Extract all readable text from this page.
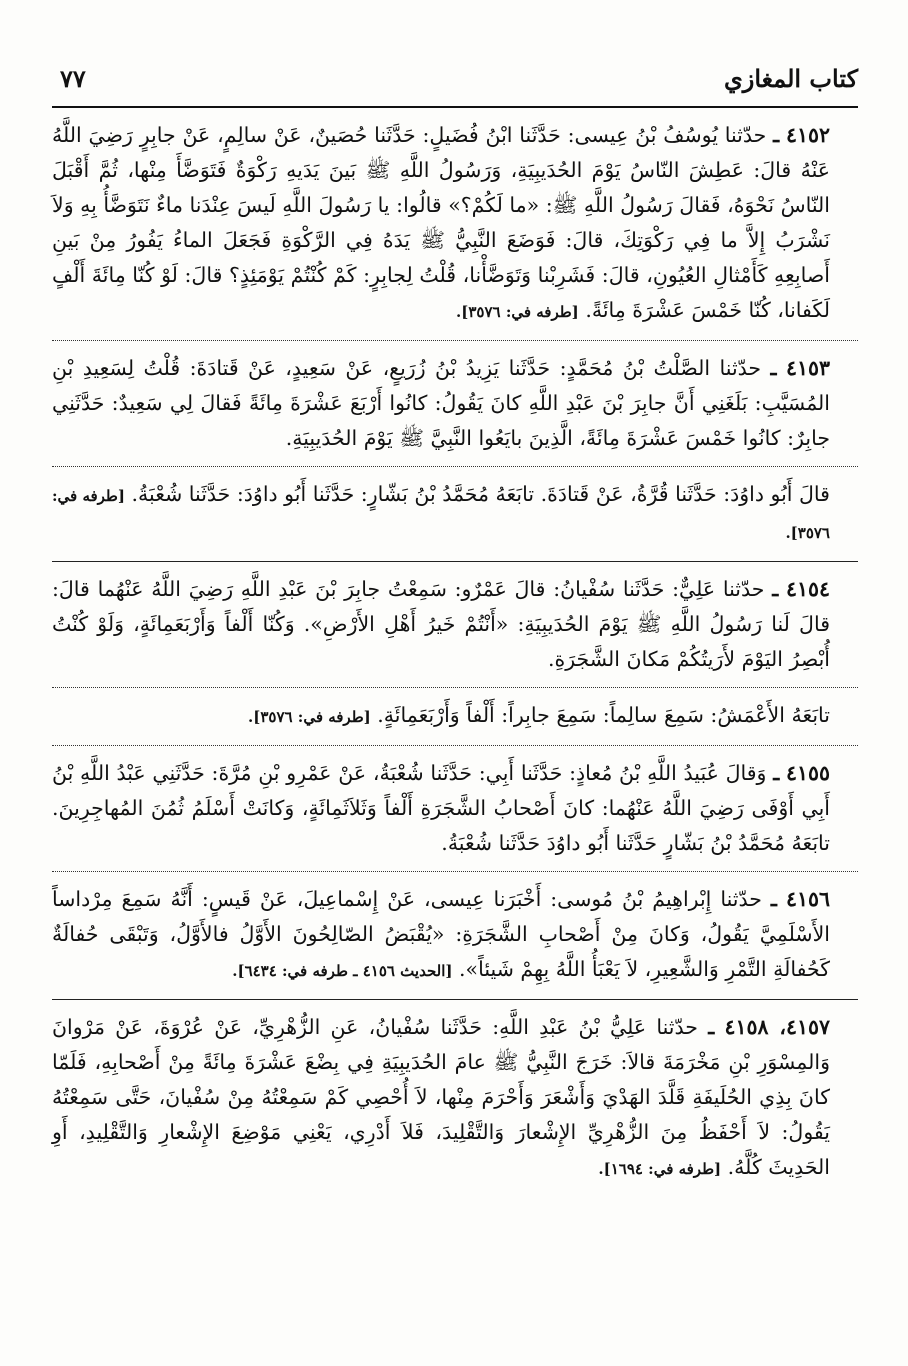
كتاب المغازي
٧٧

٤١٥٢ ـ حدّثنا يُوسُفُ بْنُ عِيسى: حَدَّثَنا ابْنُ فُضَيلٍ: حَدَّثَنا حُصَينٌ، عَنْ سالِمٍ، عَنْ جابِرٍ رَضِيَ اللَّهُ عَنْهُ قالَ: عَطِشَ النّاسُ يَوْمَ الحُدَيبِيَةِ، وَرَسُولُ اللَّهِ ﷺ بَينَ يَدَيهِ رَكْوَةٌ فَتَوَضَّأَ مِنْها، ثُمَّ أَقْبَلَ النّاسُ نَحْوَهُ، فَقالَ رَسُولُ اللَّهِ ﷺ: «ما لَكُمْ؟» قالُوا: يا رَسُولَ اللَّهِ لَيسَ عِنْدَنا ماءٌ نَتَوَضَّأُ بِهِ وَلاَ نَشْرَبُ إِلاَّ ما فِي رَكْوَتِكَ، قالَ: فَوَضَعَ النَّبِيُّ ﷺ يَدَهُ فِي الرَّكْوَةِ فَجَعَلَ الماءُ يَفُورُ مِنْ بَينِ أَصابِعِهِ كَأَمْثالِ العُيُونِ، قالَ: فَشَرِبْنا وَتَوَضَّأْنا، قُلْتُ لِجابِرٍ: كَمْ كُنْتُمْ يَوْمَئِذٍ؟ قالَ: لَوْ كُنّا مِائَةَ أَلْفٍ لَكَفانا، كُنّا خَمْسَ عَشْرَةَ مِائَةً. [طرفه في: ٣٥٧٦].

٤١٥٣ ـ حدّثنا الصَّلْتُ بْنُ مُحَمَّدٍ: حَدَّثَنا يَزِيدُ بْنُ زُرَيعٍ، عَنْ سَعِيدٍ، عَنْ قَتادَةَ: قُلْتُ لِسَعِيدِ بْنِ المُسَيَّبِ: بَلَغَنِي أَنَّ جابِرَ بْنَ عَبْدِ اللَّهِ كانَ يَقُولُ: كانُوا أَرْبَعَ عَشْرَةَ مِائَةً فَقالَ لِي سَعِيدٌ: حَدَّثَنِي جابِرٌ: كانُوا خَمْسَ عَشْرَةَ مِائَةً، الَّذِينَ بايَعُوا النَّبِيَّ ﷺ يَوْمَ الحُدَيبِيَةِ.

قالَ أَبُو داوُدَ: حَدَّثَنا قُرَّةُ، عَنْ قَتادَةَ. تابَعَهُ مُحَمَّدُ بْنُ بَشّارٍ: حَدَّثَنا أَبُو داوُدَ: حَدَّثَنا شُعْبَةُ. [طرفه في: ٣٥٧٦].

٤١٥٤ ـ حدّثنا عَلِيٌّ: حَدَّثَنا سُفْيانُ: قالَ عَمْرٌو: سَمِعْتُ جابِرَ بْنَ عَبْدِ اللَّهِ رَضِيَ اللَّهُ عَنْهُما قالَ: قالَ لَنا رَسُولُ اللَّهِ ﷺ يَوْمَ الحُدَيبِيَةِ: «أَنْتُمْ خَيرُ أَهْلِ الأَرْضِ». وَكُنّا أَلْفاً وَأَرْبَعَمِائَةٍ، وَلَوْ كُنْتُ أُبْصِرُ اليَوْمَ لأَرَيتُكُمْ مَكانَ الشَّجَرَةِ.

تابَعَهُ الأَعْمَشُ: سَمِعَ سالِماً: سَمِعَ جابِراً: أَلْفاً وَأَرْبَعَمِائَةٍ. [طرفه في: ٣٥٧٦].

٤١٥٥ ـ وَقالَ عُبَيدُ اللَّهِ بْنُ مُعاذٍ: حَدَّثَنا أَبِي: حَدَّثَنا شُعْبَةُ، عَنْ عَمْرِو بْنِ مُرَّةَ: حَدَّثَنِي عَبْدُ اللَّهِ بْنُ أَبِي أَوْفَى رَضِيَ اللَّهُ عَنْهُما: كانَ أَصْحابُ الشَّجَرَةِ أَلْفاً وَثَلاَثَمِائَةٍ، وَكانَتْ أَسْلَمُ ثُمُنَ المُهاجِرِينَ. تابَعَهُ مُحَمَّدُ بْنُ بَشّارٍ حَدَّثَنا أَبُو داوُدَ حَدَّثَنا شُعْبَةُ.

٤١٥٦ ـ حدّثنا إِبْراهِيمُ بْنُ مُوسى: أَخْبَرَنا عِيسى، عَنْ إِسْماعِيلَ، عَنْ قَيسٍ: أَنَّهُ سَمِعَ مِرْداساً الأَسْلَمِيَّ يَقُولُ، وَكانَ مِنْ أَصْحابِ الشَّجَرَةِ: «يُقْبَضُ الصّالِحُونَ الأَوَّلُ فالأَوَّلُ، وَتَبْقَى حُفالَةٌ كَحُفالَةِ التَّمْرِ وَالشَّعِيرِ، لاَ يَعْبَأُ اللَّهُ بِهِمْ شَيئاً». [الحديث ٤١٥٦ ـ طرفه في: ٦٤٣٤].

٤١٥٧، ٤١٥٨ ـ حدّثنا عَلِيُّ بْنُ عَبْدِ اللَّهِ: حَدَّثَنا سُفْيانُ، عَنِ الزُّهْرِيِّ، عَنْ عُرْوَةَ، عَنْ مَرْوانَ وَالمِسْوَرِ بْنِ مَخْرَمَةَ قالاَ: خَرَجَ النَّبِيُّ ﷺ عامَ الحُدَيبِيَةِ فِي بِضْعَ عَشْرَةَ مِائَةً مِنْ أَصْحابِهِ، فَلَمّا كانَ بِذِي الحُلَيفَةِ قَلَّدَ الهَدْيَ وَأَشْعَرَ وَأَحْرَمَ مِنْها، لاَ أُحْصِي كَمْ سَمِعْتُهُ مِنْ سُفْيانَ، حَتَّى سَمِعْتُهُ يَقُولُ: لاَ أَحْفَظُ مِنَ الزُّهْرِيِّ الإِشْعارَ وَالتَّقْلِيدَ، فَلاَ أَدْرِي، يَعْنِي مَوْضِعَ الإِشْعارِ وَالتَّقْلِيدِ، أَوِ الحَدِيثَ كُلَّهُ. [طرفه في: ١٦٩٤].
